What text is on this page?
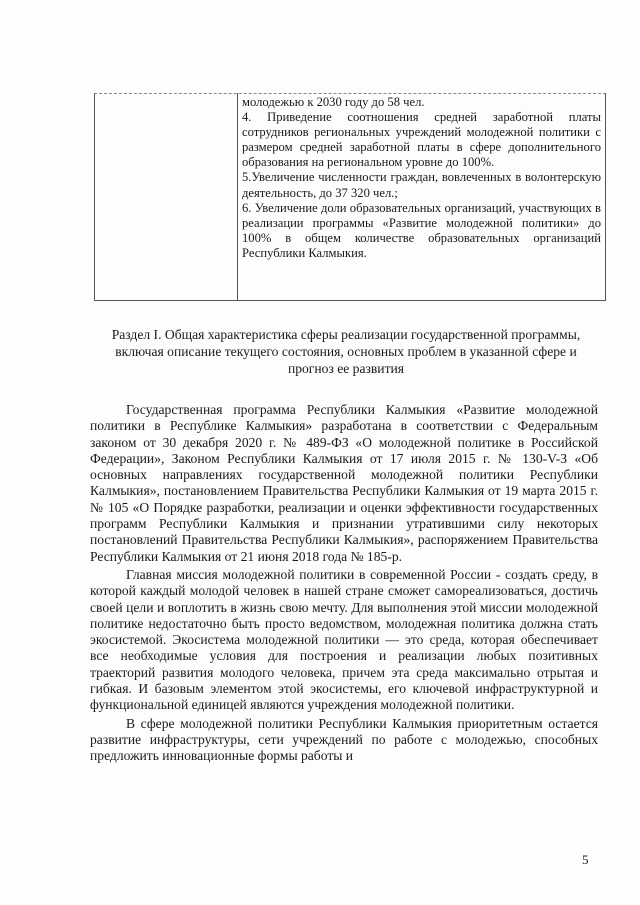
молодежью к 2030 году до 58 чел.

4. Приведение соотношения средней заработной платы сотрудников региональных учреждений молодежной политики с размером средней заработной платы в сфере дополнительного образования на региональном уровне до 100%.

5.Увеличение численности граждан, вовлеченных в волонтерскую деятельность, до 37 320 чел.;

6. Увеличение доли образовательных организаций, участвующих в реализации программы «Развитие молодежной политики» до 100% в общем количестве образовательных организаций Республики Калмыкия.

Раздел I. Общая характеристика сферы реализации государственной программы, включая описание текущего состояния, основных проблем в указанной сфере и прогноз ее развития

Государственная программа Республики Калмыкия «Развитие молодежной политики в Республике Калмыкия» разработана в соответствии с Федеральным законом от 30 декабря 2020 г. № 489-ФЗ «О молодежной политике в Российской Федерации», Законом Республики Калмыкия от 17 июля 2015 г. № 130-V-З «Об основных направлениях государственной молодежной политики Республики Калмыкия», постановлением Правительства Республики Калмыкия от 19 марта 2015 г. № 105 «О Порядке разработки, реализации и оценки эффективности государственных программ Республики Калмыкия и признании утратившими силу некоторых постановлений Правительства Республики Калмыкия», распоряжением Правительства Республики Калмыкия от 21 июня 2018 года № 185-р.

Главная миссия молодежной политики в современной России - создать среду, в которой каждый молодой человек в нашей стране сможет самореализоваться, достичь своей цели и воплотить в жизнь свою мечту. Для выполнения этой миссии молодежной политике недостаточно быть просто ведомством, молодежная политика должна стать экосистемой. Экосистема молодежной политики — это среда, которая обеспечивает все необходимые условия для построения и реализации любых позитивных траекторий развития молодого человека, причем эта среда максимально отрытая и гибкая. И базовым элементом этой экосистемы, его ключевой инфраструктурной и функциональной единицей являются учреждения молодежной политики.

В сфере молодежной политики Республики Калмыкия приоритетным остается развитие инфраструктуры, сети учреждений по работе с молодежью, способных предложить инновационные формы работы и

5
